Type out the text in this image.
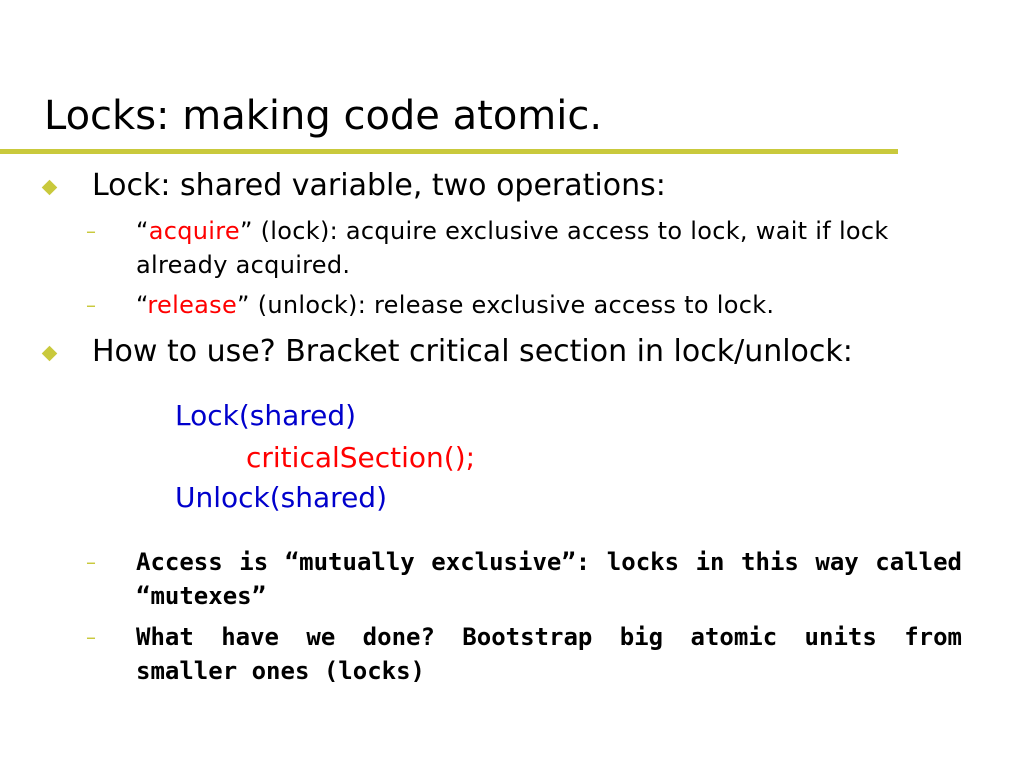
Locks: making code atomic.
Lock: shared variable, two operations:
–	“acquire” (lock): acquire exclusive access to lock, wait if lock already acquired.
–	“release” (unlock): release exclusive access to lock.
How to use? Bracket critical section in lock/unlock:
Lock(shared)
criticalSection();
Unlock(shared)
–	Access is “mutually exclusive”: locks in this way called “mutexes”
–	What have we done? Bootstrap big atomic units from smaller ones (locks)
